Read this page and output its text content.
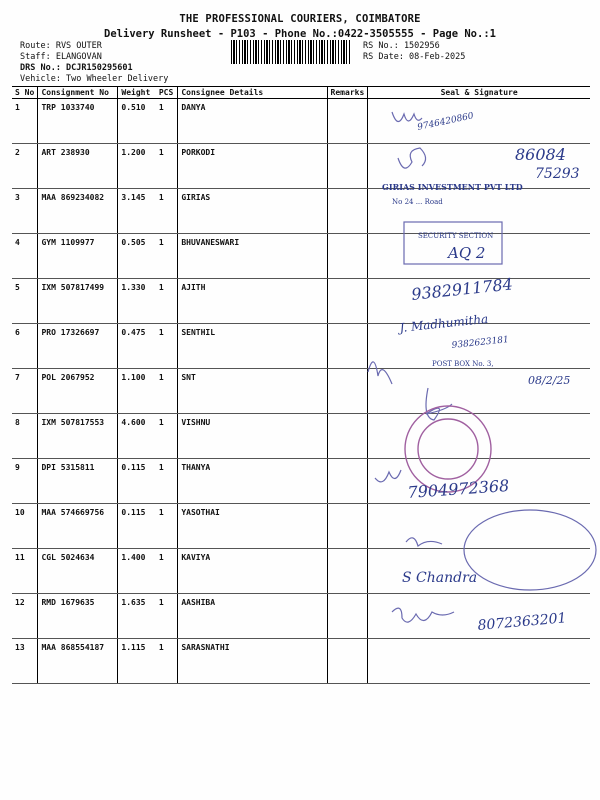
THE PROFESSIONAL COURIERS, COIMBATORE
Delivery Runsheet - P103 - Phone No.:0422-3505555 - Page No.:1
Route: RVS OUTER
Staff: ELANGOVAN
DRS No.: DCJR150295601
Vehicle: Two Wheeler Delivery
RS No.: 1502956
RS Date: 08-Feb-2025
S No	Consignment No	Weight	PCS	Consignee Details	Remarks	Seal & Signature
1	TRP 1033740	0.510	1	DANYA		
2	ART 238930	1.200	1	PORKODI		
3	MAA 869234082	3.145	1	GIRIAS		
4	GYM 1109977	0.505	1	BHUVANESWARI		
5	IXM 507817499	1.330	1	AJITH		
6	PRO 17326697	0.475	1	SENTHIL		
7	POL 2067952	1.100	1	SNT		
8	IXM 507817553	4.600	1	VISHNU		
9	DPI 5315811	0.115	1	THANYA		
10	MAA 574669756	0.115	1	YASOTHAI		
11	CGL 5024634	1.400	1	KAVIYA		
12	RMD 1679635	1.635	1	AASHIBA		
13	MAA 868554187	1.115	1	SARASNATHI		
9746420860
86084
75293
GIRIAS INVESTMENT PVT LTD
No 24 ... Road
SECURITY SECTION
AQ 2
9382911784
J. Madhumitha
9382623181
POST BOX No. 3,
08/2/25
7904972368
S Chandra
8072363201
